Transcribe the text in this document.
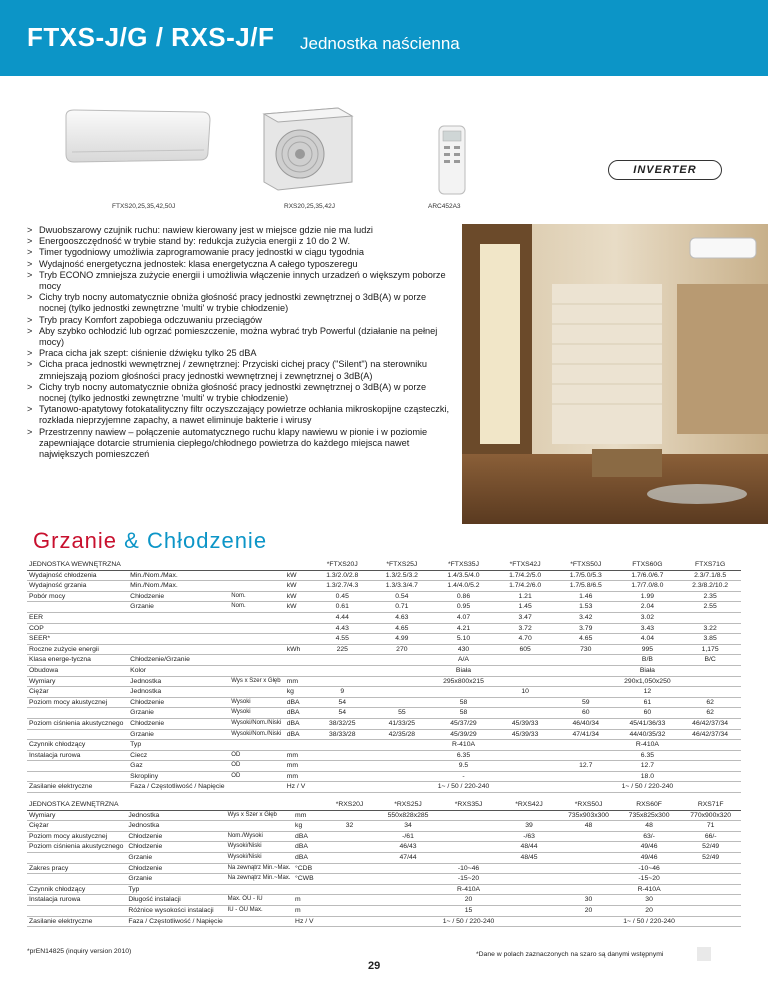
FTXS-J/G / RXS-J/F Jednostka naścienna
FTXS20,25,35,42,50J	RXS20,25,35,42J	ARC452A3
INVERTER
> Dwuobszarowy czujnik ruchu: nawiew kierowany jest w miejsce gdzie nie ma ludzi
> Energooszczędność w trybie stand by: redukcja zużycia energii z 10 do 2 W.
> Timer tygodniowy umożliwia zaprogramowanie pracy jednostki w ciągu tygodnia
> Wydajność energetyczna jednostek: klasa energetyczna A całego typoszeregu
> Tryb ECONO zmniejsza zużycie energii i umożliwia włączenie innych urzadzeń o większym poborze mocy
> Cichy tryb nocny automatycznie obniża głośność pracy jednostki zewnętrznej o 3dB(A) w porze nocnej (tylko jednostki zewnętrzne 'multi' w trybie chłodzenie)
> Tryb pracy Komfort zapobiega odczuwaniu przeciągów
> Aby szybko ochłodzić lub ogrzać pomieszczenie, można wybrać tryb Powerful (działanie na pełnej mocy)
> Praca cicha jak szept: ciśnienie dźwięku tylko 25 dBA
> Cicha praca jednostki wewnętrznej / zewnętrznej: Przyciski cichej pracy ("Silent") na sterowniku zmniejszają poziom głośności pracy jednostki wewnętrznej i zewnętrznej o 3dB(A)
> Cichy tryb nocny automatycznie obniża głośność pracy jednostki zewnętrznej o 3dB(A) w porze nocnej (tylko jednostki zewnętrzne 'multi' w trybie chłodzenie)
> Tytanowo-apatytowy fotokatalityczny filtr oczyszczający powietrze ochłania mikroskopijne cząsteczki, rozkłada nieprzyjemne zapachy, a nawet eliminuje bakterie i wirusy
> Przestrzenny nawiew – połączenie automatycznego ruchu klapy nawiewu w pionie i w poziomie zapewniające dotarcie strumienia ciepłego/chłodnego powietrza do każdego miejsca nawet największych pomieszczeń
Grzanie & Chłodzenie
JEDNOSTKA WEWNĘTRZNA				*FTXS20J	*FTXS25J	*FTXS35J	*FTXS42J	*FTXS50J	FTXS60G	FTXS71G
Wydajność chłodzenia	Min./Nom./Max.		kW	1.3/2.0/2.8	1.3/2.5/3.2	1.4/3.5/4.0	1.7/4.2/5.0	1.7/5.0/5.3	1.7/6.0/6.7	2.3/7.1/8.5
Wydajność grzania	Min./Nom./Max.		kW	1.3/2.7/4.3	1.3/3.3/4.7	1.4/4.0/5.2	1.7/4.2/6.0	1.7/5.8/6.5	1.7/7.0/8.0	2.3/8.2/10.2
Pobór mocy	Chłodzenie	Nom.	kW	0.45	0.54	0.86	1.21	1.46	1.99	2.35
	Grzanie	Nom.	kW	0.61	0.71	0.95	1.45	1.53	2.04	2.55
EER				4.44	4.63	4.07	3.47	3.42	3.02	
COP				4.43	4.65	4.21	3.72	3.79	3.43	3.22
SEER*				4.55	4.99	5.10	4.70	4.65	4.04	3.85
Roczne zużycie energii			kWh	225	270	430	605	730	995	1,175
Klasa energe-tyczna	Chłodzenie/Grzanie					A/A			B/B	B/C
Obudowa	Kolor					Biała			Biała	
Wymiary	Jednostka	Wys x Szer x Głęb	mm			295x800x215			290x1,050x250	
Ciężar	Jednostka		kg	9			10		12	
Poziom mocy akustycznej	Chłodzenie	Wysoki	dBA	54		58		59	61	62
	Grzanie	Wysoki	dBA	54	55	58		60	60	62
Poziom ciśnienia akustycznego	Chłodzenie	Wysoki/Nom./Niski	dBA	38/32/25	41/33/25	45/37/29	45/39/33	46/40/34	45/41/36/33	46/42/37/34
	Grzanie	Wysoki/Nom./Niski	dBA	38/33/28	42/35/28	45/39/29	45/39/33	47/41/34	44/40/35/32	46/42/37/34
Czynnik chłodzący	Typ					R-410A			R-410A	
Instalacja rurowa	Ciecz	OD	mm			6.35			6.35	
	Gaz	OD	mm			9.5		12.7	12.7	
	Skropliny	OD	mm			-			18.0	
Zasilanie elektryczne	Faza / Częstotliwość / Napięcie		Hz / V			1~ / 50 / 220-240			1~ / 50 / 220-240	
JEDNOSTKA ZEWNĘTRZNA				*RXS20J	*RXS25J	*RXS35J	*RXS42J	*RXS50J	RXS60F	RXS71F
Wymiary	Jednostka	Wys x Szer x Głęb	mm		550x828x285			735x903x300	735x825x300	770x900x320
Ciężar	Jednostka		kg	32	34		39	48	48	71
Poziom mocy akustycznej	Chłodzenie	Nom./Wysoki	dBA		-/61		-/63		63/-	66/-
Poziom ciśnienia akustycznego	Chłodzenie	Wysoki/Niski	dBA		46/43		48/44		49/46	52/49
	Grzanie	Wysoki/Niski	dBA		47/44		48/45		49/46	52/49
Zakres pracy	Chłodzenie	Na zewnątrz Min.~Max.	°CDB			-10~46			-10~46	
	Grzanie	Na zewnątrz Min.~Max.	°CWB			-15~20			-15~20	
Czynnik chłodzący	Typ					R-410A			R-410A	
Instalacja rurowa	Długość instalacji	Max. OU - IU	m			20		30	30	
	Różnice wysokości instalacji	IU - OU Max.	m			15		20	20	
Zasilanie elektryczne	Faza / Częstotliwość / Napięcie		Hz / V			1~ / 50 / 220-240			1~ / 50 / 220-240	
*prEN14825 (inquiry version 2010)	*Dane w polach zaznaczonych na szaro są danymi wstępnymi
29
